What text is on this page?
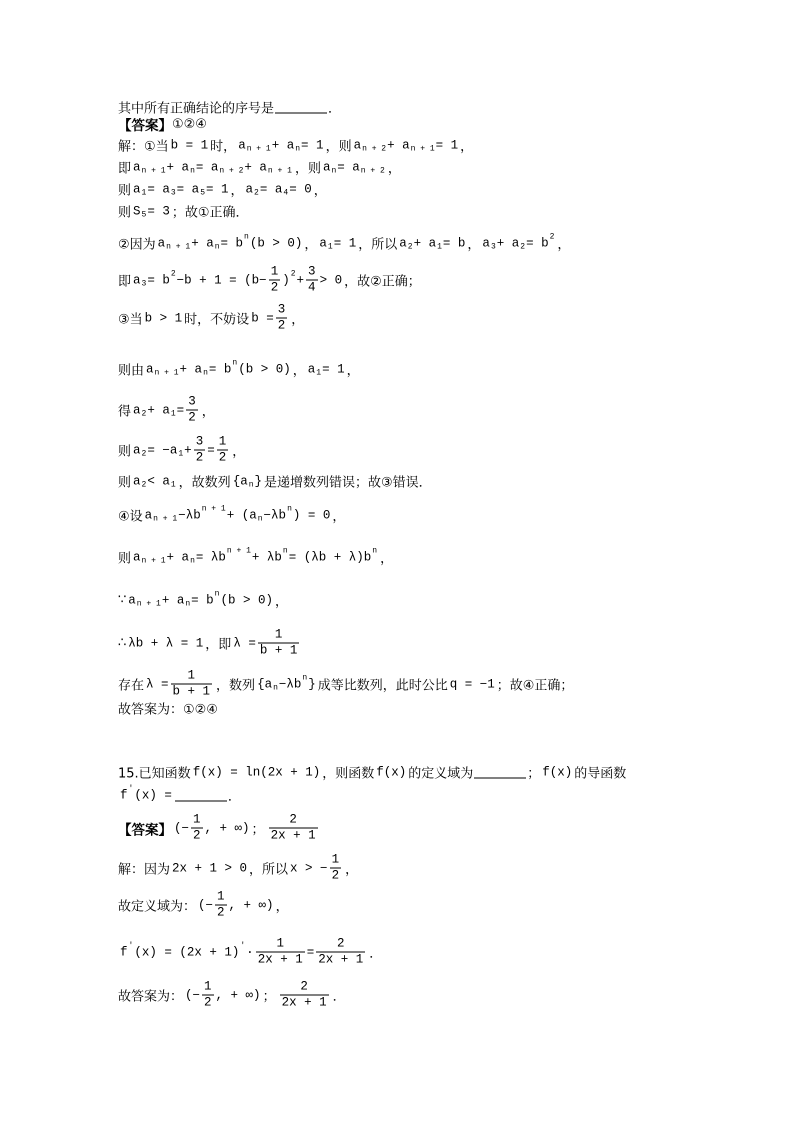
其中所有正确结论的序号是	．
【答案】 ①②④
解：①当 b = 1 时， a n + 1 + a n = 1 ，则 a n + 2 + a n + 1 = 1 ，
即 a n + 1 + a n = a n + 2 + a n + 1 ，则 a n = a n + 2 ，
则 a 1 = a 3 = a 5 = 1 ， a 2 = a 4 = 0 ，
则 S 5 = 3 ；故①正确．
②因为 a n + 1 + a n = b n (b > 0) ， a 1 = 1 ，所以 a 2 + a 1 = b ， a 3 + a 2 = b 2
，
即 a 3 = b $2 -b + 1 = (b- \frac{1}{2}$ ) $2 + \frac{3}{4} > 0$ ，故②正确；
③当 b > 1 时，不妨设 $b = \frac{3}{2}$ ，
则由 a n + 1 + a n = b n (b > 0) ， a 1 = 1 ，
得 a 2 + a $1 = \frac{3}{2}$ ，
则 a 2 = −a $1 + \frac{3}{2} = \frac{1}{2}$ ，
则 a 2 < a 1 ，故数列 {a n } 是递增数列错误；故③错误．
④设 a n + 1 −λb n + 1 + (a n −λb n ) = 0 ，
则 a n + 1 + a n = λb n + 1 + λb n = (λb + λ)b n
，
∵ a n + 1 + a n = b n (b > 0) ，
∴ λb + λ = 1 ，即 $\lambda = \frac{1}{b + 1}$
存在 $\lambda = \frac{1}{b + 1}$ ，数列 {a n −λb n } 成等比数列，此时公比 q = −1 ；故④正确；
故答案为：①②④
15.已知函数 f(x) = ln(2x + 1) ，则函数 f(x) 的定义域为	； f(x) 的导函数
f ' (x) =	．
【答案】 (− $\frac{1}{2}$ , + ∞) ； $\frac{2}{2x + 1}$
解：因为 2x + 1 > 0 ，所以 x > − $\frac{1}{2}$ ，
故定义域为： (− $\frac{1}{2}$ , + ∞) ，
f ' (x) = (2x + 1) ' · $\frac{1}{2x + 1} = \frac{2}{2x + 1}$ ．
故答案为： (− $\frac{1}{2}$ , + ∞) ； $\frac{2}{2x + 1}$ ．
